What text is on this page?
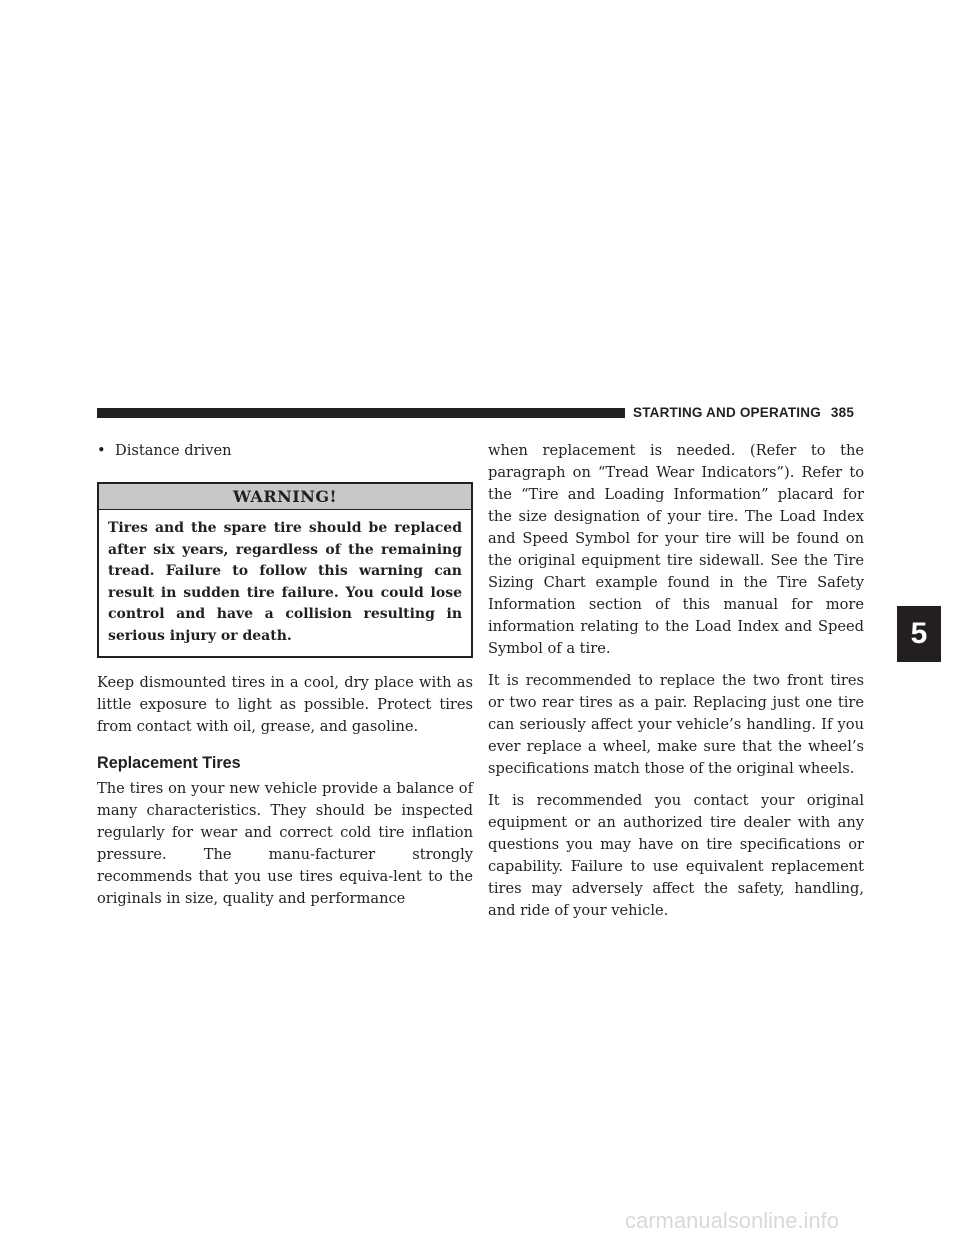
STARTING AND OPERATING 385
• Distance driven
WARNING!
Tires and the spare tire should be replaced after six years, regardless of the remaining tread. Failure to follow this warning can result in sudden tire failure. You could lose control and have a collision resulting in serious injury or death.

Keep dismounted tires in a cool, dry place with as little exposure to light as possible. Protect tires from contact with oil, grease, and gasoline.

Replacement Tires

The tires on your new vehicle provide a balance of many characteristics. They should be inspected regularly for wear and correct cold tire inflation pressure. The manu-facturer strongly recommends that you use tires equiva-lent to the originals in size, quality and performance

when replacement is needed. (Refer to the paragraph on “Tread Wear Indicators”). Refer to the “Tire and Loading Information” placard for the size designation of your tire. The Load Index and Speed Symbol for your tire will be found on the original equipment tire sidewall. See the Tire Sizing Chart example found in the Tire Safety Information section of this manual for more information relating to the Load Index and Speed Symbol of a tire.

It is recommended to replace the two front tires or two rear tires as a pair. Replacing just one tire can seriously affect your vehicle’s handling. If you ever replace a wheel, make sure that the wheel’s specifications match those of the original wheels.

It is recommended you contact your original equipment or an authorized tire dealer with any questions you may have on tire specifications or capability. Failure to use equivalent replacement tires may adversely affect the safety, handling, and ride of your vehicle.

5
carmanualsonline.info
